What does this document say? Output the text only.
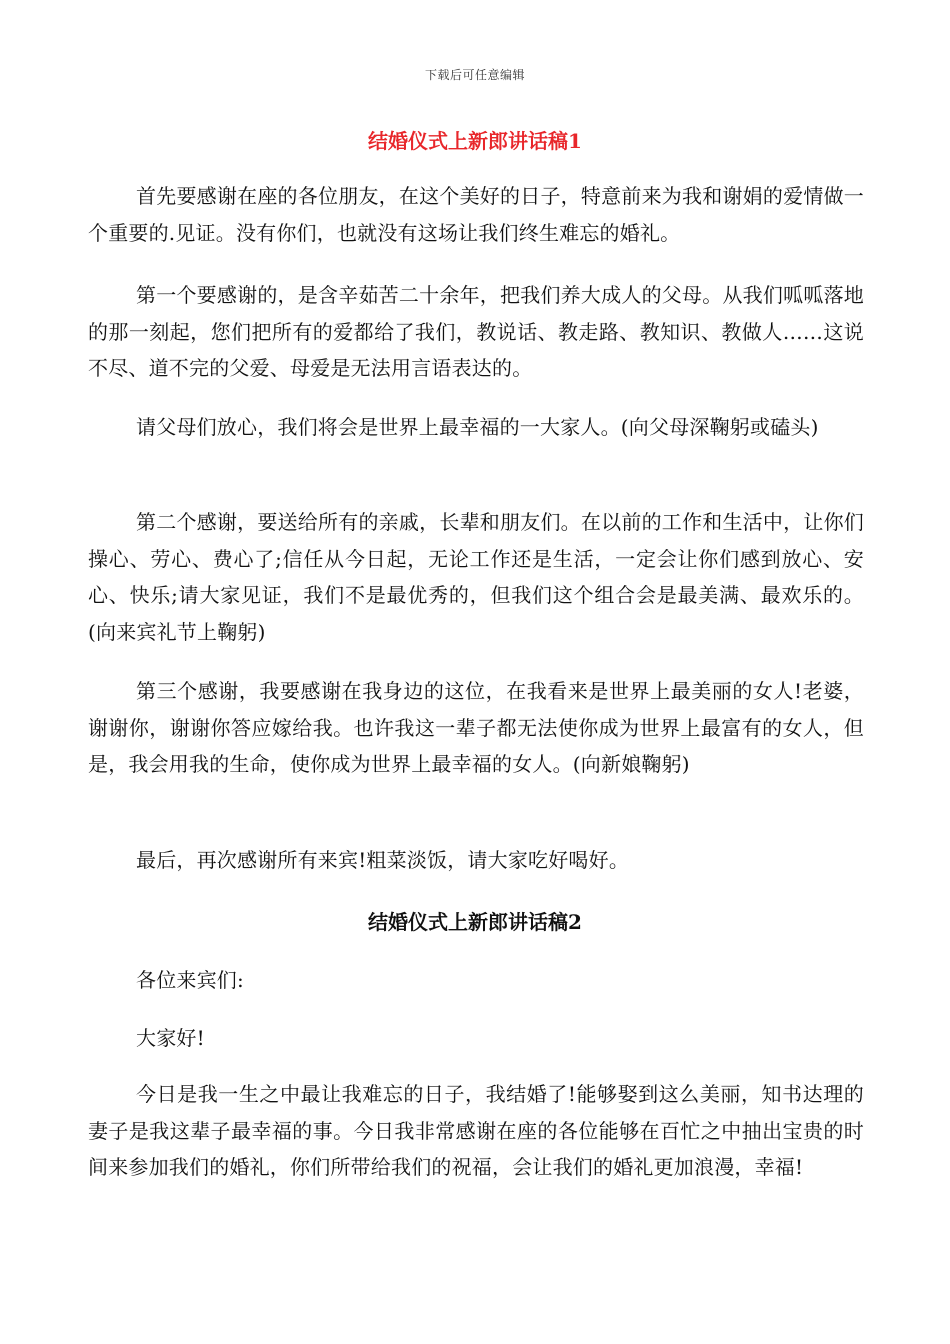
下载后可任意编辑
结婚仪式上新郎讲话稿1

首先要感谢在座的各位朋友，在这个美好的日子，特意前来为我和谢娟的爱情做一个重要的.见证。没有你们，也就没有这场让我们终生难忘的婚礼。

第一个要感谢的，是含辛茹苦二十余年，把我们养大成人的父母。从我们呱呱落地的那一刻起，您们把所有的爱都给了我们，教说话、教走路、教知识、教做人……这说不尽、道不完的父爱、母爱是无法用言语表达的。

请父母们放心，我们将会是世界上最幸福的一大家人。(向父母深鞠躬或磕头)

第二个感谢，要送给所有的亲戚，长辈和朋友们。在以前的工作和生活中，让你们操心、劳心、费心了;信任从今日起，无论工作还是生活，一定会让你们感到放心、安心、快乐;请大家见证，我们不是最优秀的，但我们这个组合会是最美满、最欢乐的。(向来宾礼节上鞠躬)

第三个感谢，我要感谢在我身边的这位，在我看来是世界上最美丽的女人!老婆，谢谢你，谢谢你答应嫁给我。也许我这一辈子都无法使你成为世界上最富有的女人，但是，我会用我的生命，使你成为世界上最幸福的女人。(向新娘鞠躬)

最后，再次感谢所有来宾!粗菜淡饭，请大家吃好喝好。

结婚仪式上新郎讲话稿2

各位来宾们:

大家好!

今日是我一生之中最让我难忘的日子，我结婚了!能够娶到这么美丽，知书达理的妻子是我这辈子最幸福的事。今日我非常感谢在座的各位能够在百忙之中抽出宝贵的时间来参加我们的婚礼，你们所带给我们的祝福，会让我们的婚礼更加浪漫，幸福!
